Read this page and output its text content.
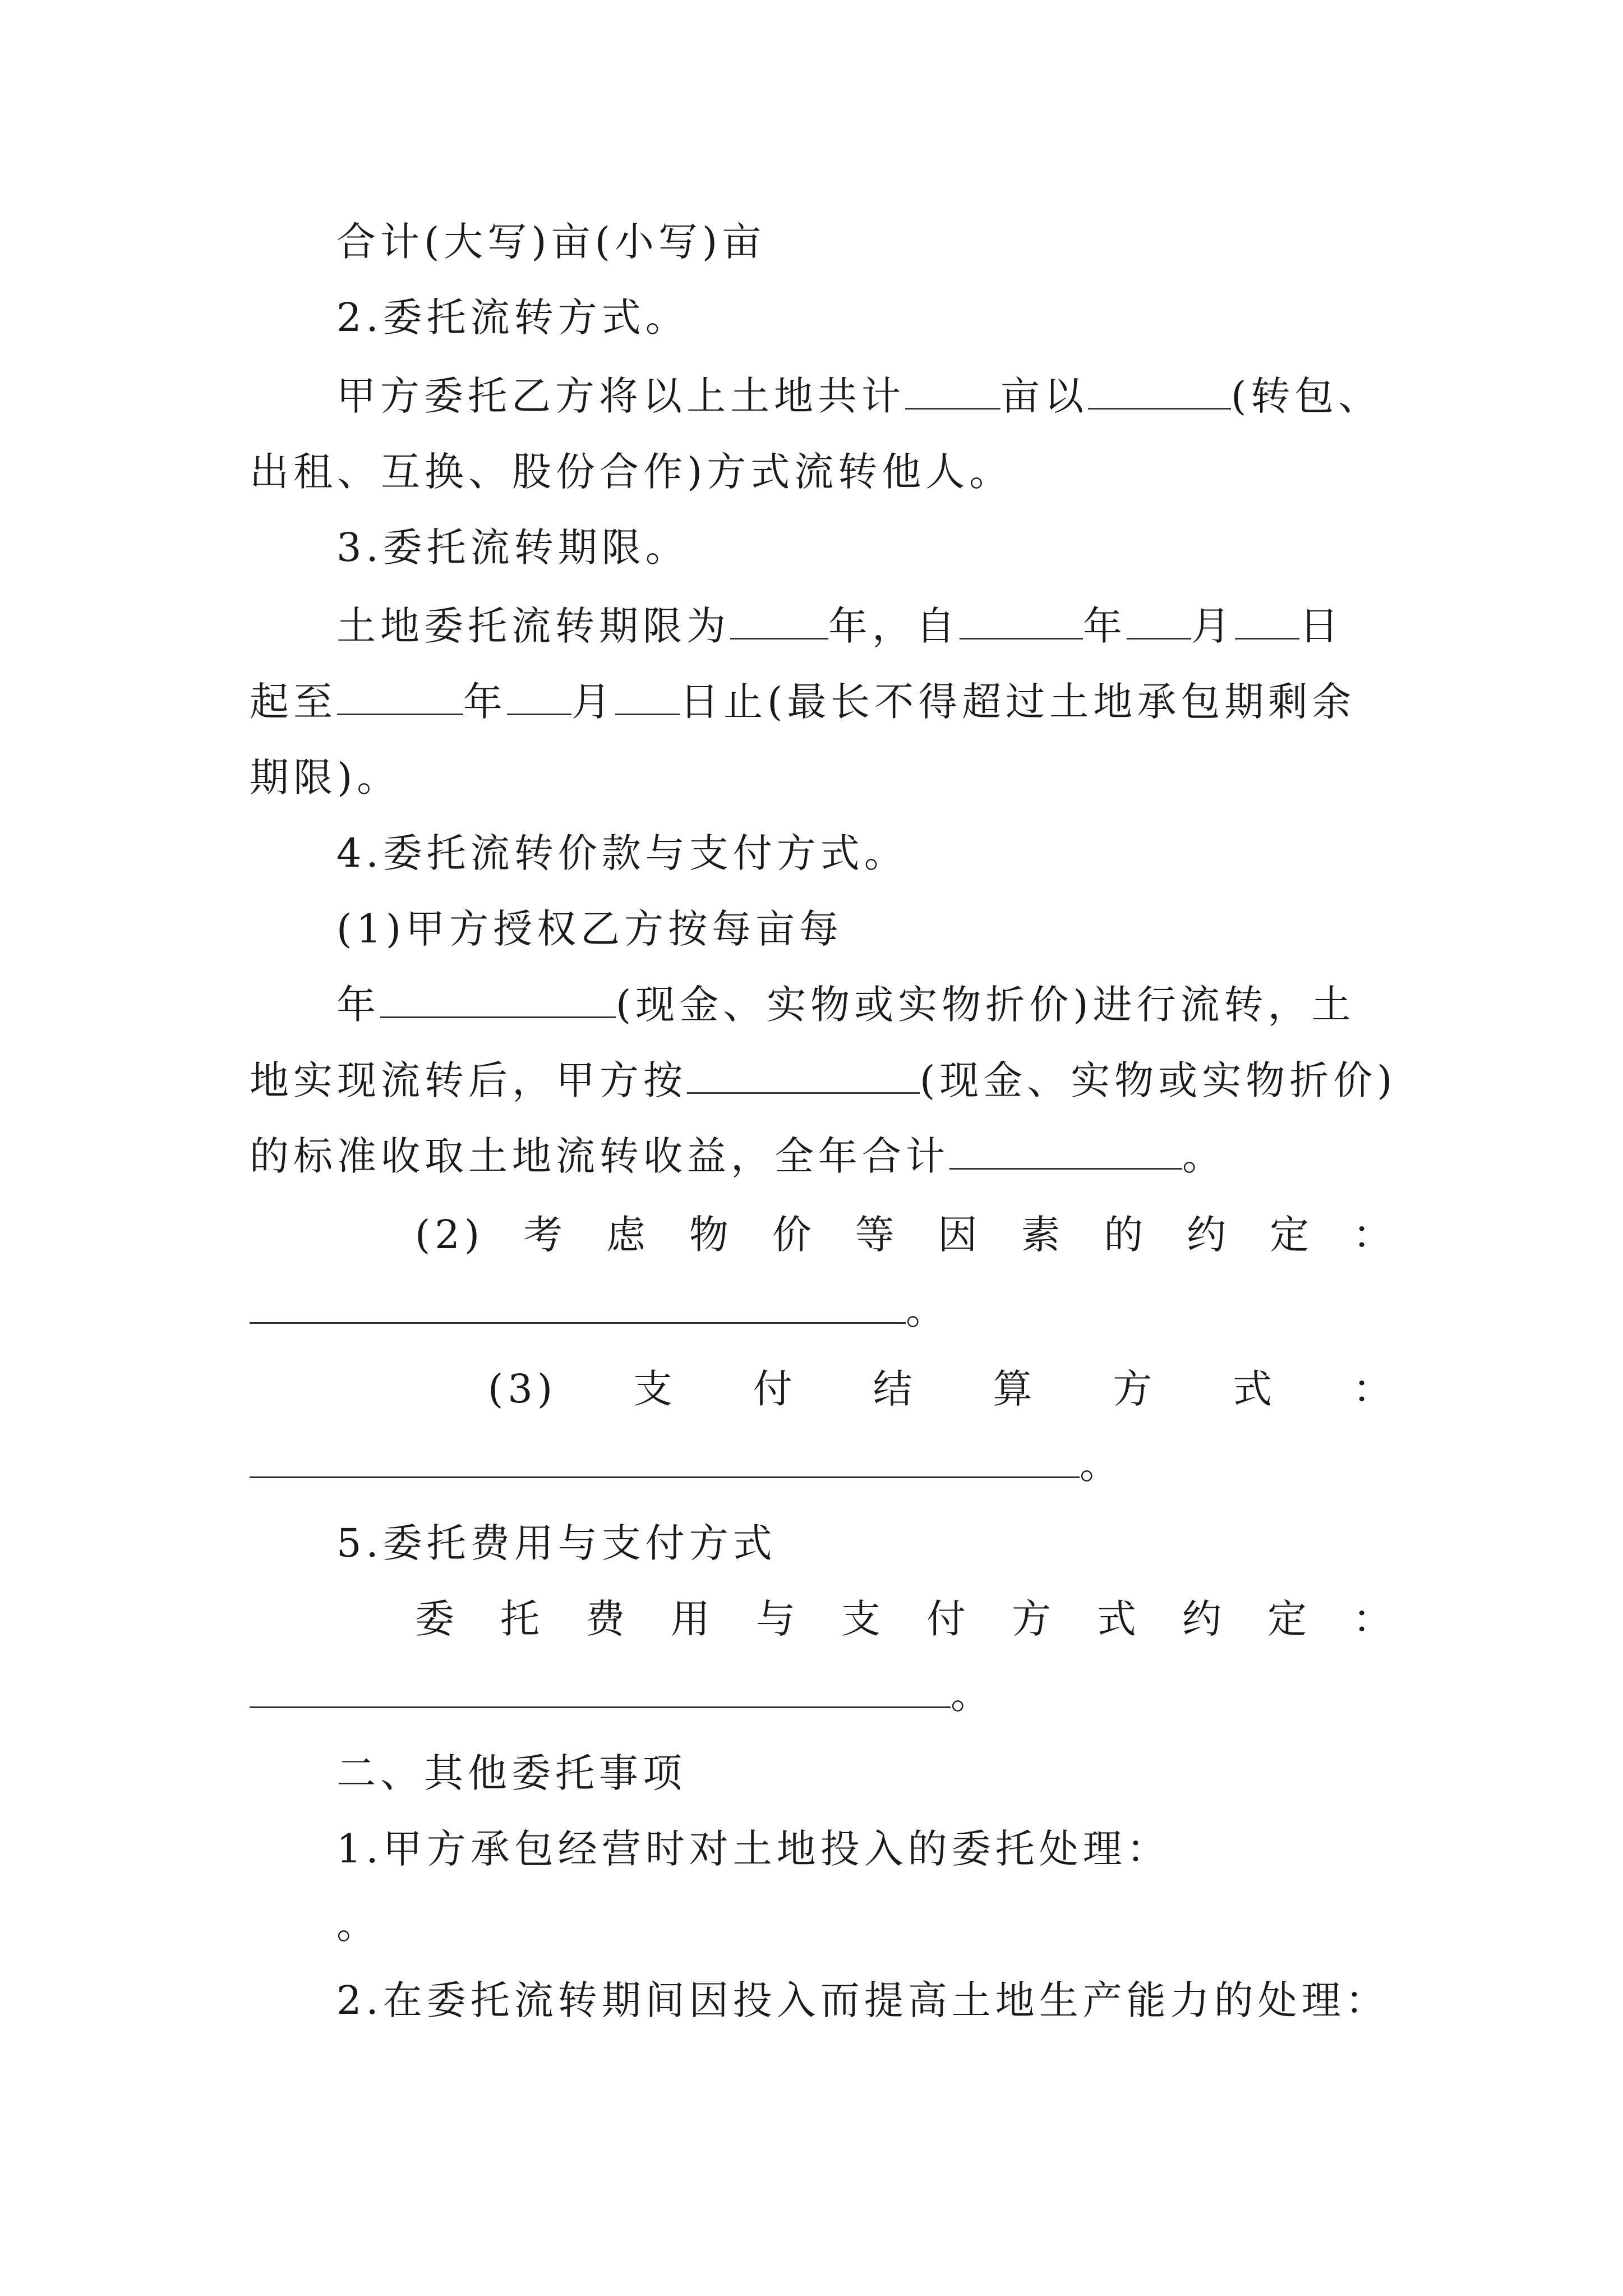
合计(大写)亩(小写)亩
2.委托流转方式。
甲方委托乙方将以上土地共计 亩以	(转包、
出租、互换、股份合作)方式流转他人。
3.委托流转期限。
土地委托流转期限为	年，自	年 月 日
起至	年 月 日止(最长不得超过土地承包期剩余
期限)。
4.委托流转价款与支付方式。
(1)甲方授权乙方按每亩每
年	(现金、实物或实物折价)进行流转，土
地实现流转后，甲方按	(现金、实物或实物折价)
的标准收取土地流转收益，全年合计	。
(2) 考 虑 物 价 等 因 素 的 约 定 ：
。
(3) 支 付 结 算 方 式 ：
。
5.委托费用与支付方式
委 托 费 用 与 支 付 方 式 约 定 ：
。
二、其他委托事项
1.甲方承包经营时对土地投入的委托处理：
。
2.在委托流转期间因投入而提高土地生产能力的处理：
